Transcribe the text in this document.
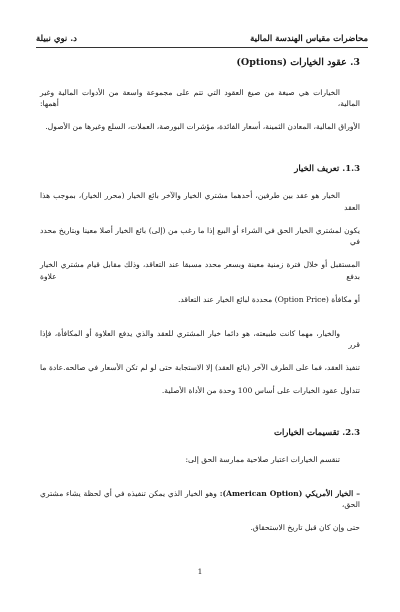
محاضرات مقياس الهندسة المالية
د. نوي نبيلة
3. عقود الخيارات (Options)

الخيارات هي صيغة من صيغ العقود التي تتم على مجموعة واسعة من الأدوات المالية وغير المالية، أهمها:
الأوراق المالية، المعادن الثمينة، أسعار الفائدة، مؤشرات البورصة، العملات، السلع وغيرها من الأصول.

1.3. تعريف الخيار

الخيار هو عقد بين طرفين، أحدهما مشتري الخيار والآخر بائع الخيار (محرر الخيار)، بموجب هذا العقد
يكون لمشتري الخيار الحق في الشراء أو البيع إذا ما رغب من (إلى) بائع الخيار أصلا معينا وبتاريخ محدد في
المستقبل أو خلال فترة زمنية معينة وبسعر محدد مسبقا عند التعاقد، وذلك مقابل قيام مشتري الخيار بدفع علاوة
أو مكافأة (Option Price) محددة لبائع الخيار عند التعاقد.

والخيار، مهما كانت طبيعته، هو دائما خيار المشتري للعقد والذي يدفع العلاوة أو المكافأة، فإذا قرر
تنفيذ العقد، فما على الطرف الآخر (بائع العقد) إلا الاستجابة حتى لو لم تكن الأسعار في صالحه.عادة ما
تتداول عقود الخيارات على أساس 100 وحدة من الأداة الأصلية.

2.3. تقسيمات الخيارات

تنقسم الخيارات اعتبار صلاحية ممارسة الحق إلى:

– الخيار الأمريكي (American Option): وهو الخيار الذي يمكن تنفيذه في أي لحظة يشاء مشتري الحق،
حتى وإن كان قبل تاريخ الاستحقاق.

1
